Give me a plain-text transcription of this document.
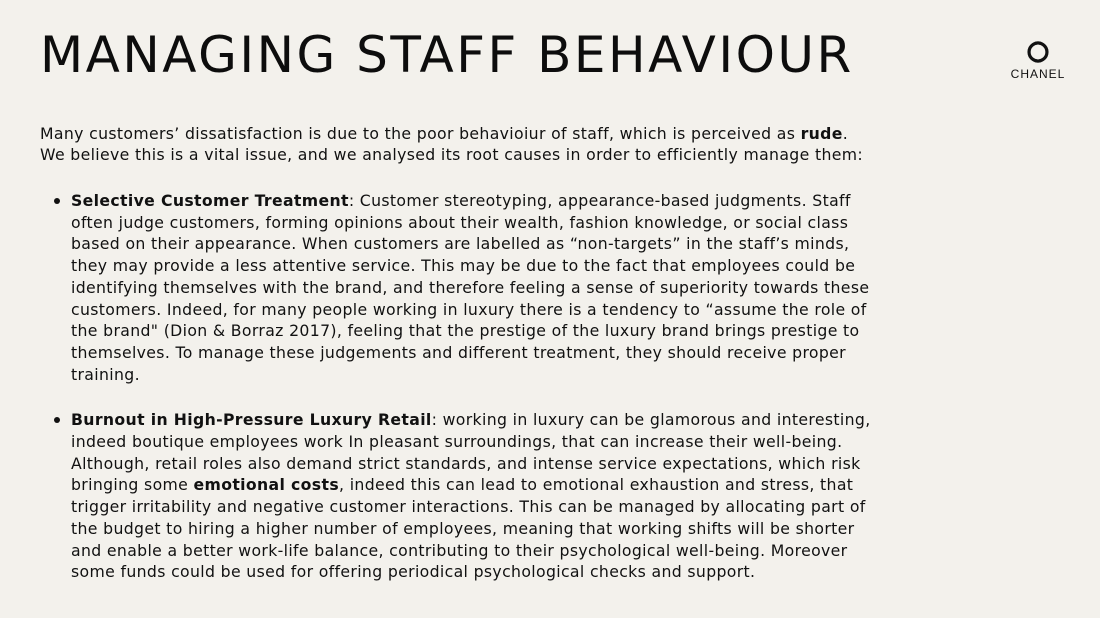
MANAGING STAFF BEHAVIOUR	CHANEL

Many customers’ dissatisfaction is due to the poor behavioiur of staff, which is perceived as rude.

We believe this is a vital issue, and we analysed its root causes in order to efficiently manage them:

Selective Customer Treatment: Customer stereotyping, appearance-based judgments. Staff
often judge customers, forming opinions about their wealth, fashion knowledge, or social class
based on their appearance. When customers are labelled as “non-targets” in the staff’s minds,
they may provide a less attentive service. This may be due to the fact that employees could be
identifying themselves with the brand, and therefore feeling a sense of superiority towards these
customers. Indeed, for many people working in luxury there is a tendency to “assume the role of
the brand" (Dion & Borraz 2017), feeling that the prestige of the luxury brand brings prestige to
themselves. To manage these judgements and different treatment, they should receive proper
training.

Burnout in High-Pressure Luxury Retail: working in luxury can be glamorous and interesting,
indeed boutique employees work In pleasant surroundings, that can increase their well-being.
Although, retail roles also demand strict standards, and intense service expectations, which risk
bringing some emotional costs, indeed this can lead to emotional exhaustion and stress, that
trigger irritability and negative customer interactions. This can be managed by allocating part of
the budget to hiring a higher number of employees, meaning that working shifts will be shorter
and enable a better work-life balance, contributing to their psychological well-being. Moreover
some funds could be used for offering periodical psychological checks and support.
